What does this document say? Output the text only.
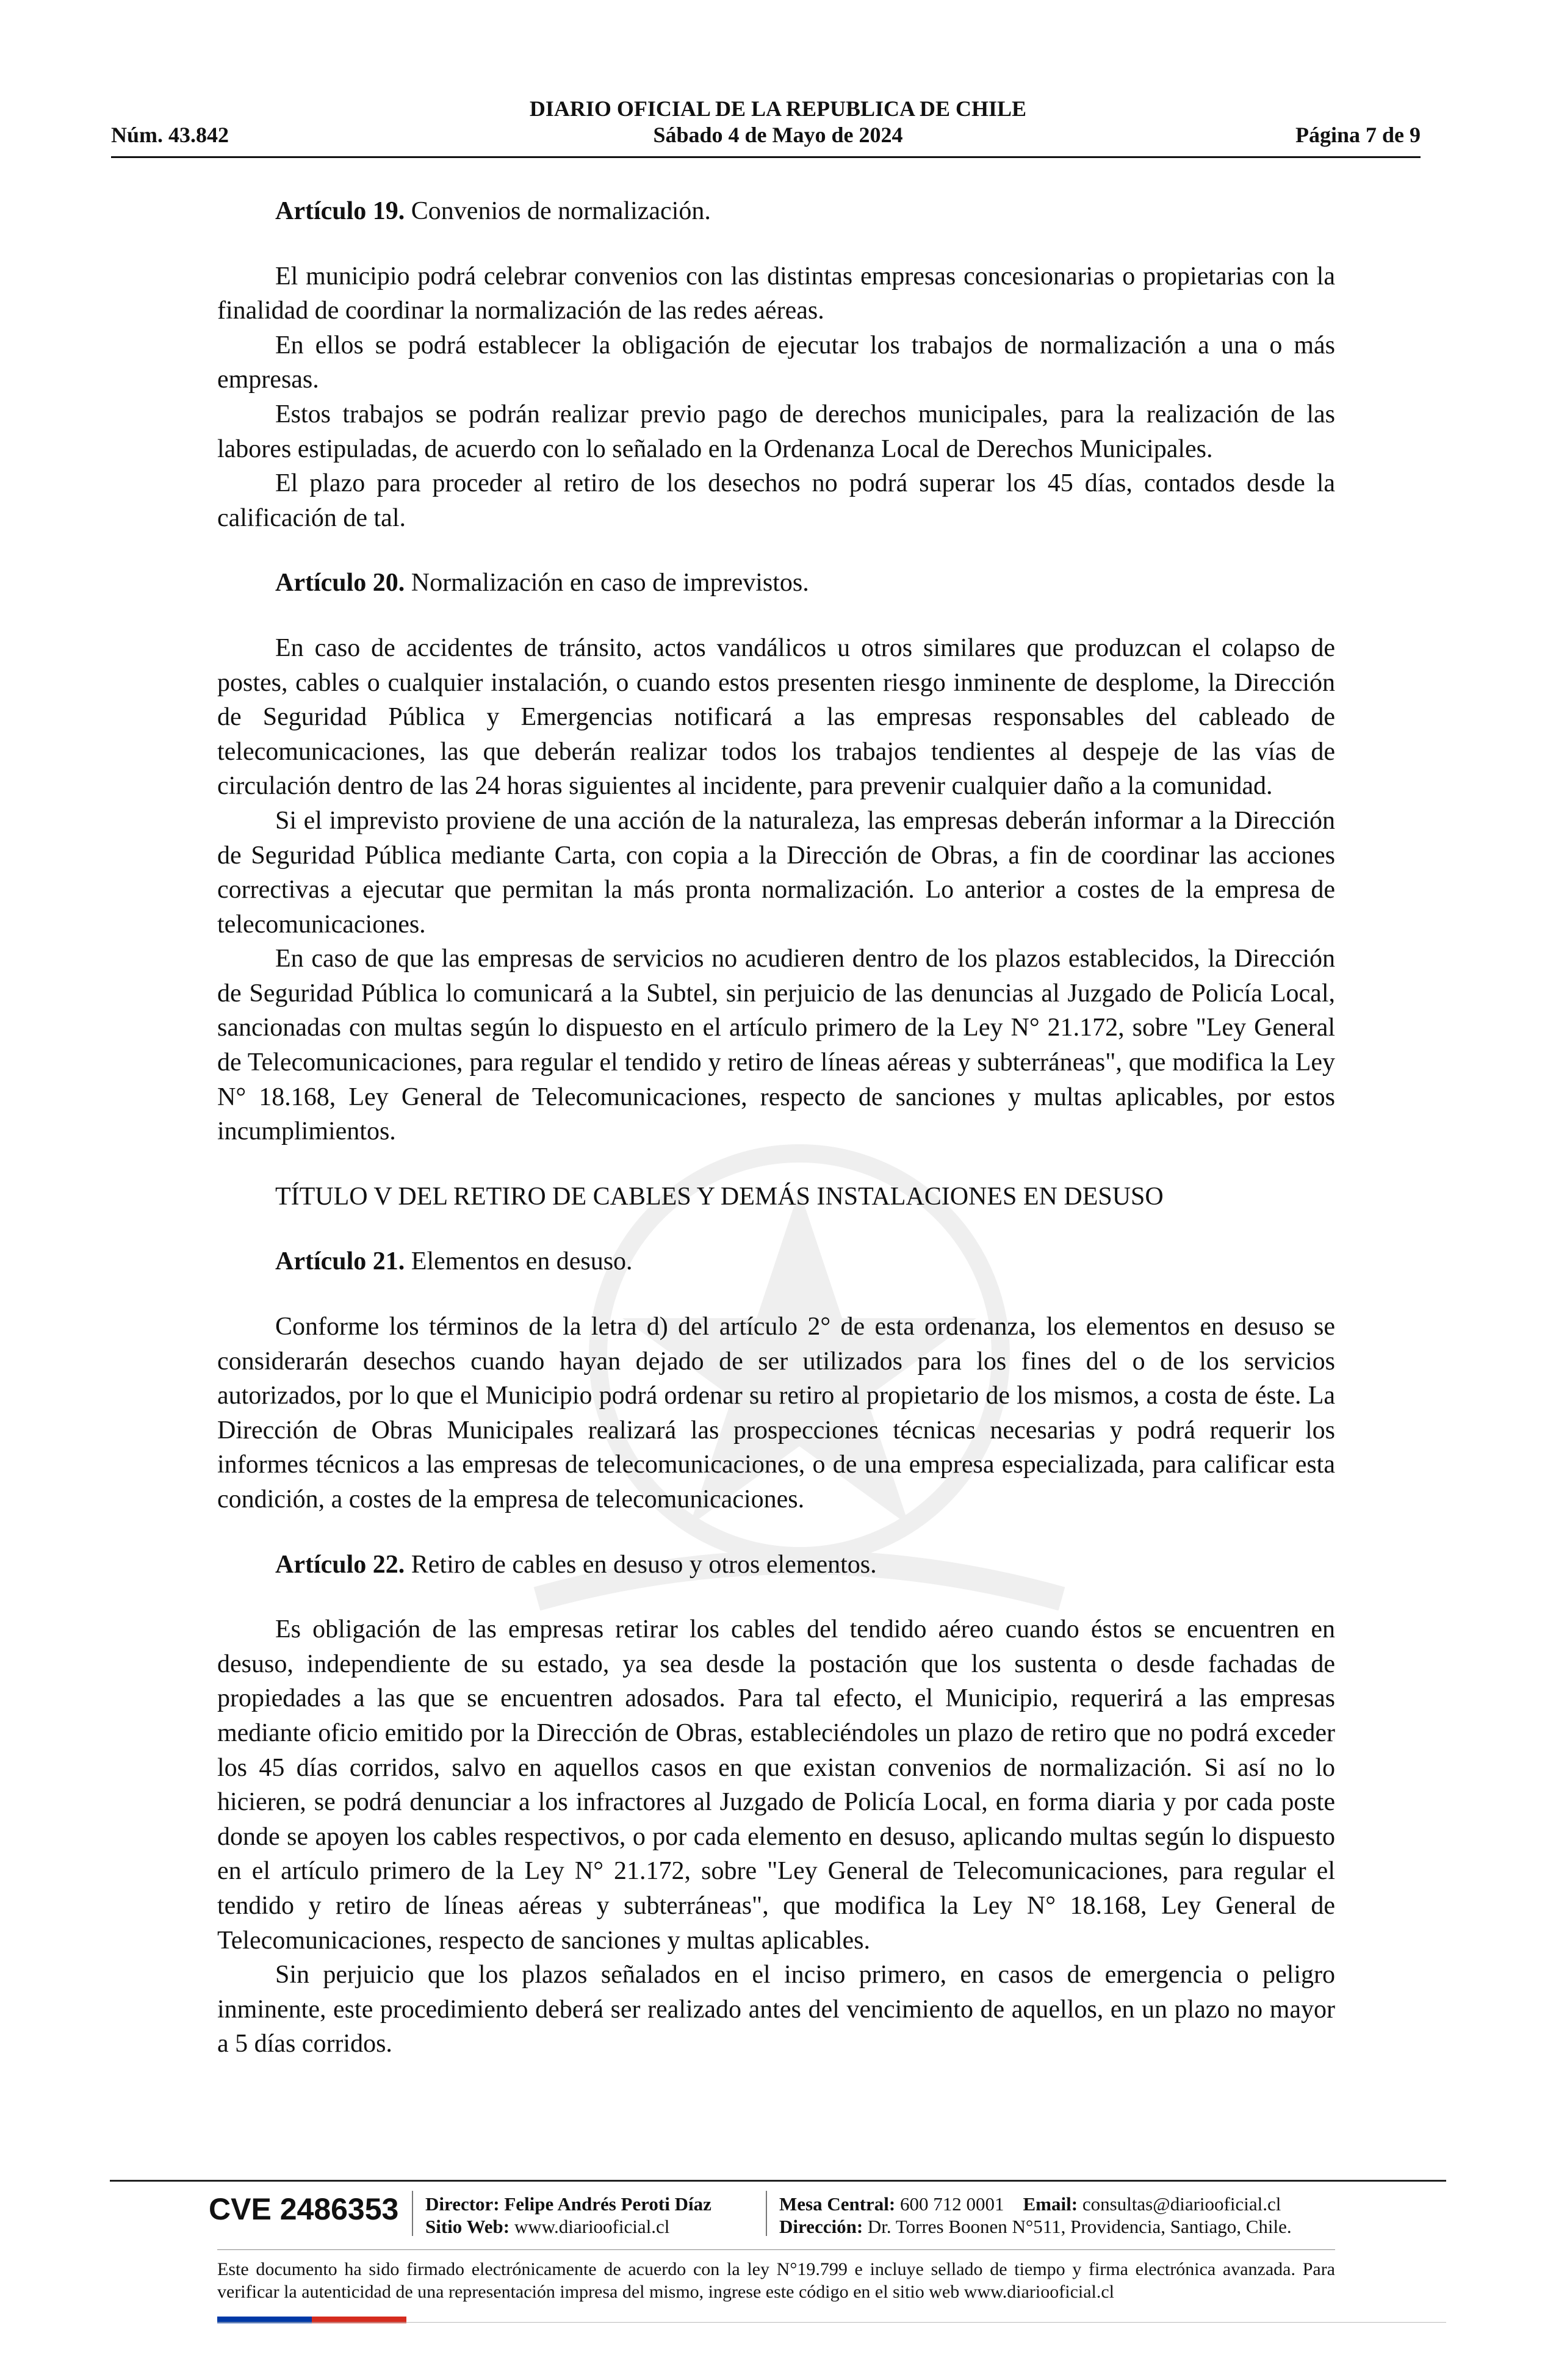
DIARIO OFICIAL DE LA REPUBLICA DE CHILE
Núm. 43.842	Sábado 4 de Mayo de 2024	Página 7 de 9
Artículo 19. Convenios de normalización.

El municipio podrá celebrar convenios con las distintas empresas concesionarias o propietarias con la finalidad de coordinar la normalización de las redes aéreas.

En ellos se podrá establecer la obligación de ejecutar los trabajos de normalización a una o más empresas.

Estos trabajos se podrán realizar previo pago de derechos municipales, para la realización de las labores estipuladas, de acuerdo con lo señalado en la Ordenanza Local de Derechos Municipales.

El plazo para proceder al retiro de los desechos no podrá superar los 45 días, contados desde la calificación de tal.

Artículo 20. Normalización en caso de imprevistos.

En caso de accidentes de tránsito, actos vandálicos u otros similares que produzcan el colapso de postes, cables o cualquier instalación, o cuando estos presenten riesgo inminente de desplome, la Dirección de Seguridad Pública y Emergencias notificará a las empresas responsables del cableado de telecomunicaciones, las que deberán realizar todos los trabajos tendientes al despeje de las vías de circulación dentro de las 24 horas siguientes al incidente, para prevenir cualquier daño a la comunidad.

Si el imprevisto proviene de una acción de la naturaleza, las empresas deberán informar a la Dirección de Seguridad Pública mediante Carta, con copia a la Dirección de Obras, a fin de coordinar las acciones correctivas a ejecutar que permitan la más pronta normalización. Lo anterior a costes de la empresa de telecomunicaciones.

En caso de que las empresas de servicios no acudieren dentro de los plazos establecidos, la Dirección de Seguridad Pública lo comunicará a la Subtel, sin perjuicio de las denuncias al Juzgado de Policía Local, sancionadas con multas según lo dispuesto en el artículo primero de la Ley N° 21.172, sobre "Ley General de Telecomunicaciones, para regular el tendido y retiro de líneas aéreas y subterráneas", que modifica la Ley N° 18.168, Ley General de Telecomunicaciones, respecto de sanciones y multas aplicables, por estos incumplimientos.

TÍTULO V DEL RETIRO DE CABLES Y DEMÁS INSTALACIONES EN DESUSO
Artículo 21. Elementos en desuso.

Conforme los términos de la letra d) del artículo 2° de esta ordenanza, los elementos en desuso se considerarán desechos cuando hayan dejado de ser utilizados para los fines del o de los servicios autorizados, por lo que el Municipio podrá ordenar su retiro al propietario de los mismos, a costa de éste. La Dirección de Obras Municipales realizará las prospecciones técnicas necesarias y podrá requerir los informes técnicos a las empresas de telecomunicaciones, o de una empresa especializada, para calificar esta condición, a costes de la empresa de telecomunicaciones.

Artículo 22. Retiro de cables en desuso y otros elementos.

Es obligación de las empresas retirar los cables del tendido aéreo cuando éstos se encuentren en desuso, independiente de su estado, ya sea desde la postación que los sustenta o desde fachadas de propiedades a las que se encuentren adosados. Para tal efecto, el Municipio, requerirá a las empresas mediante oficio emitido por la Dirección de Obras, estableciéndoles un plazo de retiro que no podrá exceder los 45 días corridos, salvo en aquellos casos en que existan convenios de normalización. Si así no lo hicieren, se podrá denunciar a los infractores al Juzgado de Policía Local, en forma diaria y por cada poste donde se apoyen los cables respectivos, o por cada elemento en desuso, aplicando multas según lo dispuesto en el artículo primero de la Ley N° 21.172, sobre "Ley General de Telecomunicaciones, para regular el tendido y retiro de líneas aéreas y subterráneas", que modifica la Ley N° 18.168, Ley General de Telecomunicaciones, respecto de sanciones y multas aplicables.

Sin perjuicio que los plazos señalados en el inciso primero, en casos de emergencia o peligro inminente, este procedimiento deberá ser realizado antes del vencimiento de aquellos, en un plazo no mayor a 5 días corridos.

CVE 2486353 Director: Felipe Andrés Peroti Díaz
Sitio Web: www.diariooficial.cl
Mesa Central: 600 712 0001 Email: consultas@diariooficial.cl
Dirección: Dr. Torres Boonen N°511, Providencia, Santiago, Chile.
Este documento ha sido firmado electrónicamente de acuerdo con la ley N°19.799 e incluye sellado de tiempo y firma electrónica avanzada. Para verificar la autenticidad de una representación impresa del mismo, ingrese este código en el sitio web www.diariooficial.cl
